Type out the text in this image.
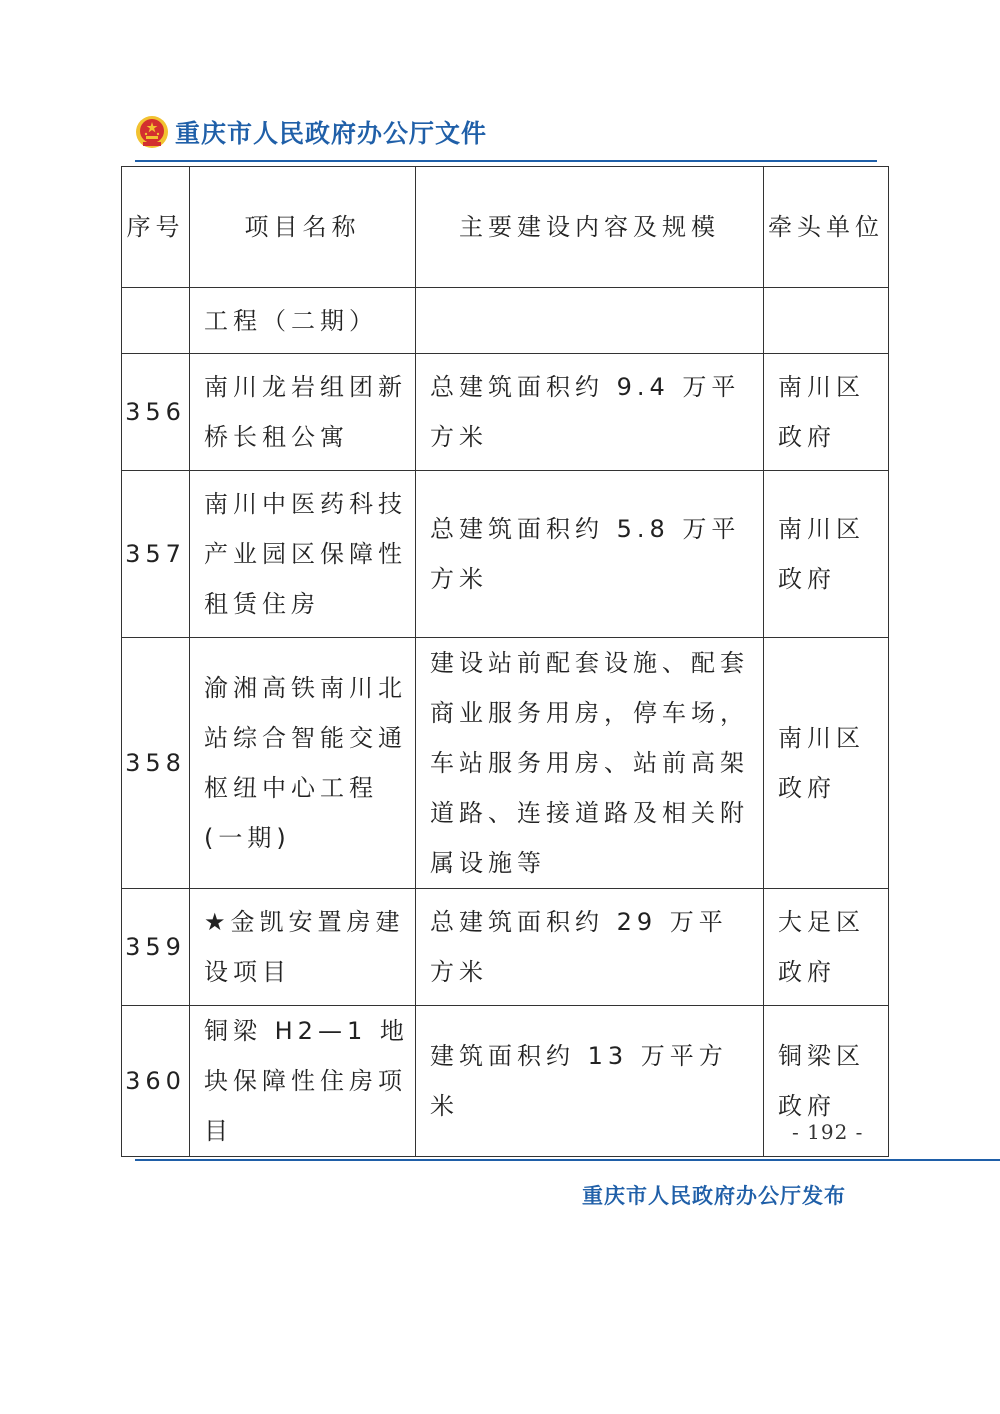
重庆市人民政府办公厅文件
序号	项目名称	主要建设内容及规模	牵头单位
	工程（二期）		
356	南川龙岩组团新桥长租公寓	总建筑面积约 9.4 万平方米	南川区政府
357	南川中医药科技产业园区保障性租赁住房	总建筑面积约 5.8 万平方米	南川区政府
358	渝湘高铁南川北站综合智能交通枢纽中心工程(一期)	建设站前配套设施、配套商业服务用房，停车场，车站服务用房、站前高架道路、连接道路及相关附属设施等	南川区政府
359	★金凯安置房建设项目	总建筑面积约 29 万平方米	大足区政府
360	铜梁 H2—1 地块保障性住房项目	建筑面积约 13 万平方米	铜梁区政府
- 192 -
重庆市人民政府办公厅发布
